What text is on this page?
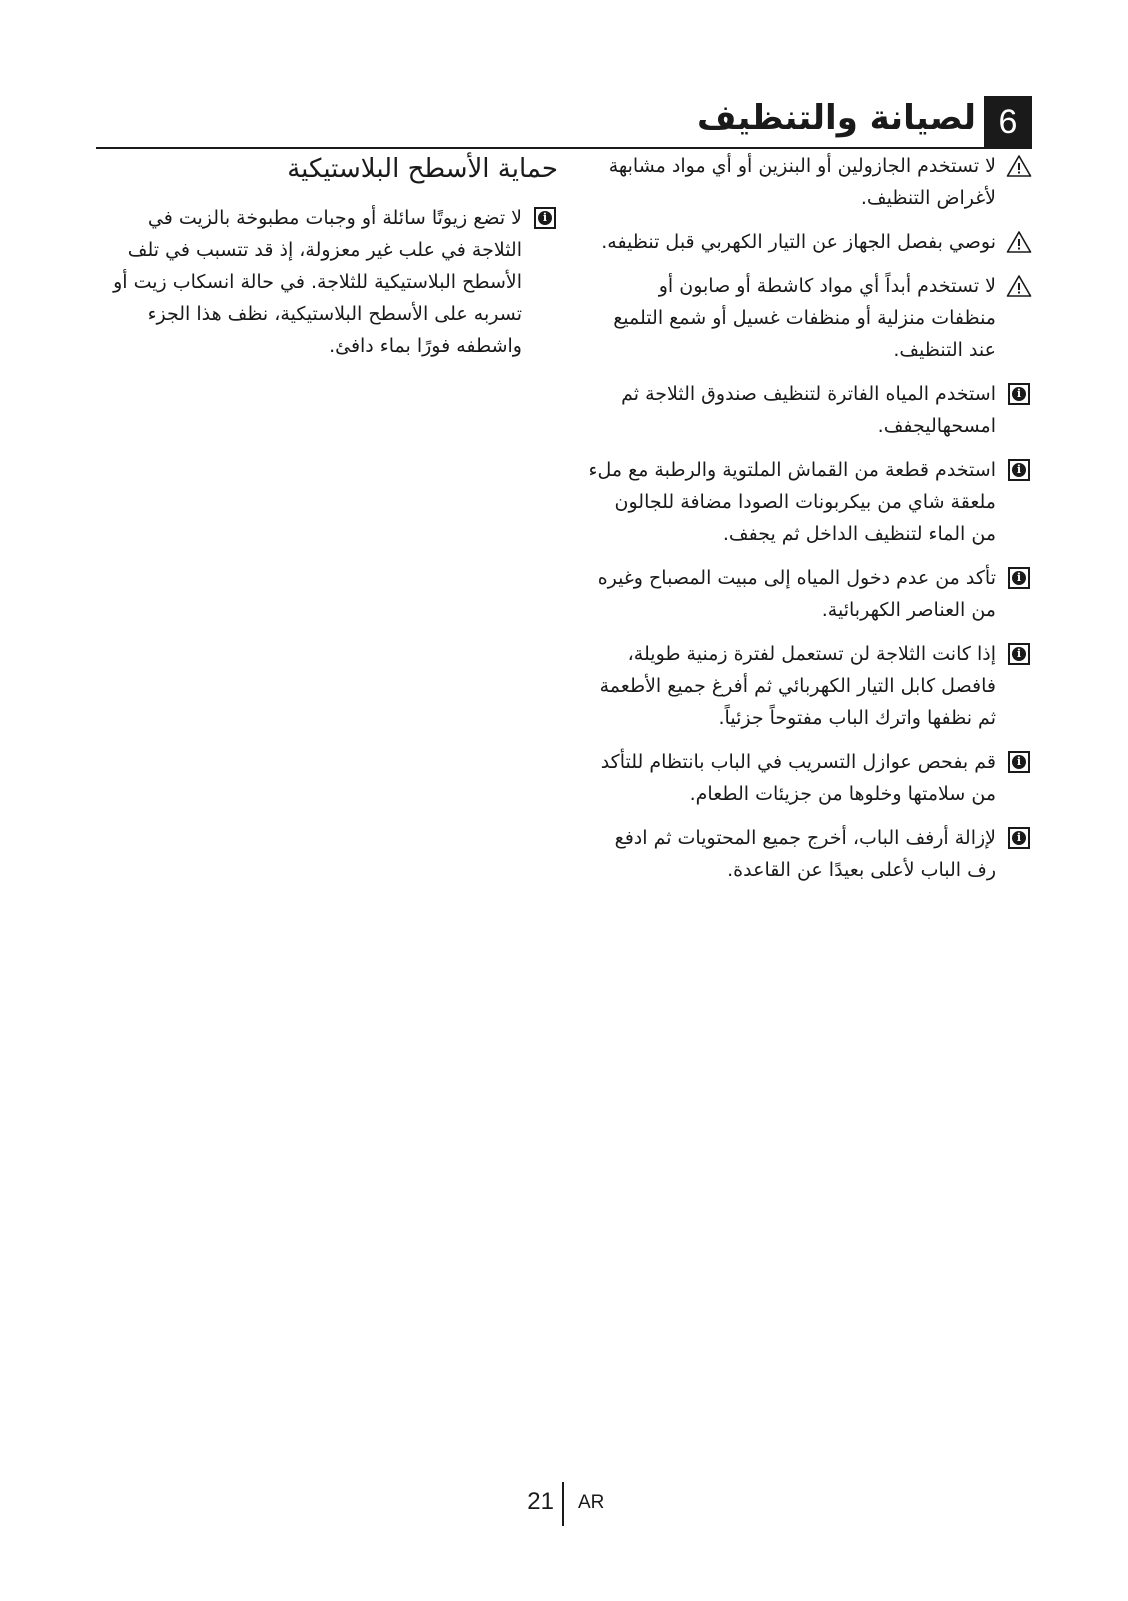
6
لصيانة والتنظيف
لا تستخدم الجازولين أو البنزين أو أي مواد مشابهة لأغراض التنظيف.
نوصي بفصل الجهاز عن التيار الكهربي قبل تنظيفه.
لا تستخدم أبداً أي مواد كاشطة أو صابون أو منظفات منزلية أو منظفات غسيل أو شمع التلميع عند التنظيف.
i
استخدم المياه الفاترة لتنظيف صندوق الثلاجة ثم امسحهاليجفف.
i
استخدم قطعة من القماش الملتوية والرطبة مع ملء ملعقة شاي من بيكربونات الصودا مضافة للجالون من الماء لتنظيف الداخل ثم يجفف.
i
تأكد من عدم دخول المياه إلى مبيت المصباح وغيره من العناصر الكهربائية.
i
إذا كانت الثلاجة لن تستعمل لفترة زمنية طويلة، فافصل كابل التيار الكهربائي ثم أفرغ جميع الأطعمة ثم نظفها واترك الباب مفتوحاً جزئياً.
i
قم بفحص عوازل التسريب في الباب بانتظام للتأكد من سلامتها وخلوها من جزيئات الطعام.
i
لإزالة أرفف الباب، أخرج جميع المحتويات ثم ادفع رف الباب لأعلى بعيدًا عن القاعدة.
حماية الأسطح البلاستيكية
i
لا تضع زيوتًا سائلة أو وجبات مطبوخة بالزيت في الثلاجة في علب غير معزولة، إذ قد تتسبب في تلف الأسطح البلاستيكية للثلاجة. في حالة انسكاب زيت أو تسربه على الأسطح البلاستيكية، نظف هذا الجزء واشطفه فورًا بماء دافئ.
21 AR
